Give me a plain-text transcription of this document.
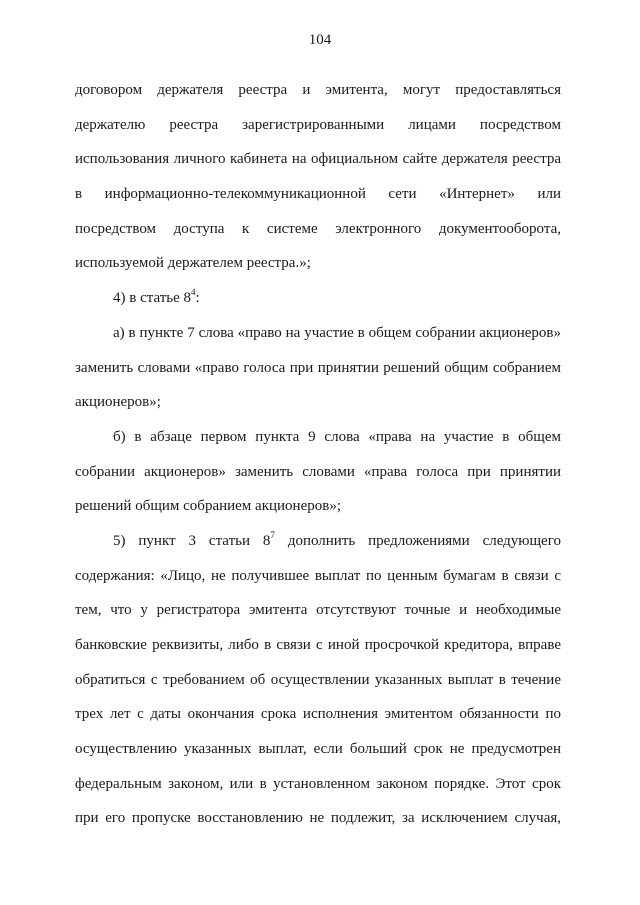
104
договором держателя реестра и эмитента, могут предоставляться
держателю реестра зарегистрированными лицами посредством
использования личного кабинета на официальном сайте держателя реестра
в информационно-телекоммуникационной сети «Интернет» или
посредством доступа к системе электронного документооборота,
используемой держателем реестра.»;
4) в статье $8^4$:
а) в пункте 7 слова «право на участие в общем собрании акционеров»
заменить словами «право голоса при принятии решений общим собранием
акционеров»;
б) в абзаце первом пункта 9 слова «права на участие в общем
собрании акционеров» заменить словами «права голоса при принятии
решений общим собранием акционеров»;
5) пункт 3 статьи $8^7$ дополнить предложениями следующего
содержания: «Лицо, не получившее выплат по ценным бумагам в связи с
тем, что у регистратора эмитента отсутствуют точные и необходимые
банковские реквизиты, либо в связи с иной просрочкой кредитора, вправе
обратиться с требованием об осуществлении указанных выплат в течение
трех лет с даты окончания срока исполнения эмитентом обязанности по
осуществлению указанных выплат, если больший срок не предусмотрен
федеральным законом, или в установленном законом порядке. Этот срок
при его пропуске восстановлению не подлежит, за исключением случая,
